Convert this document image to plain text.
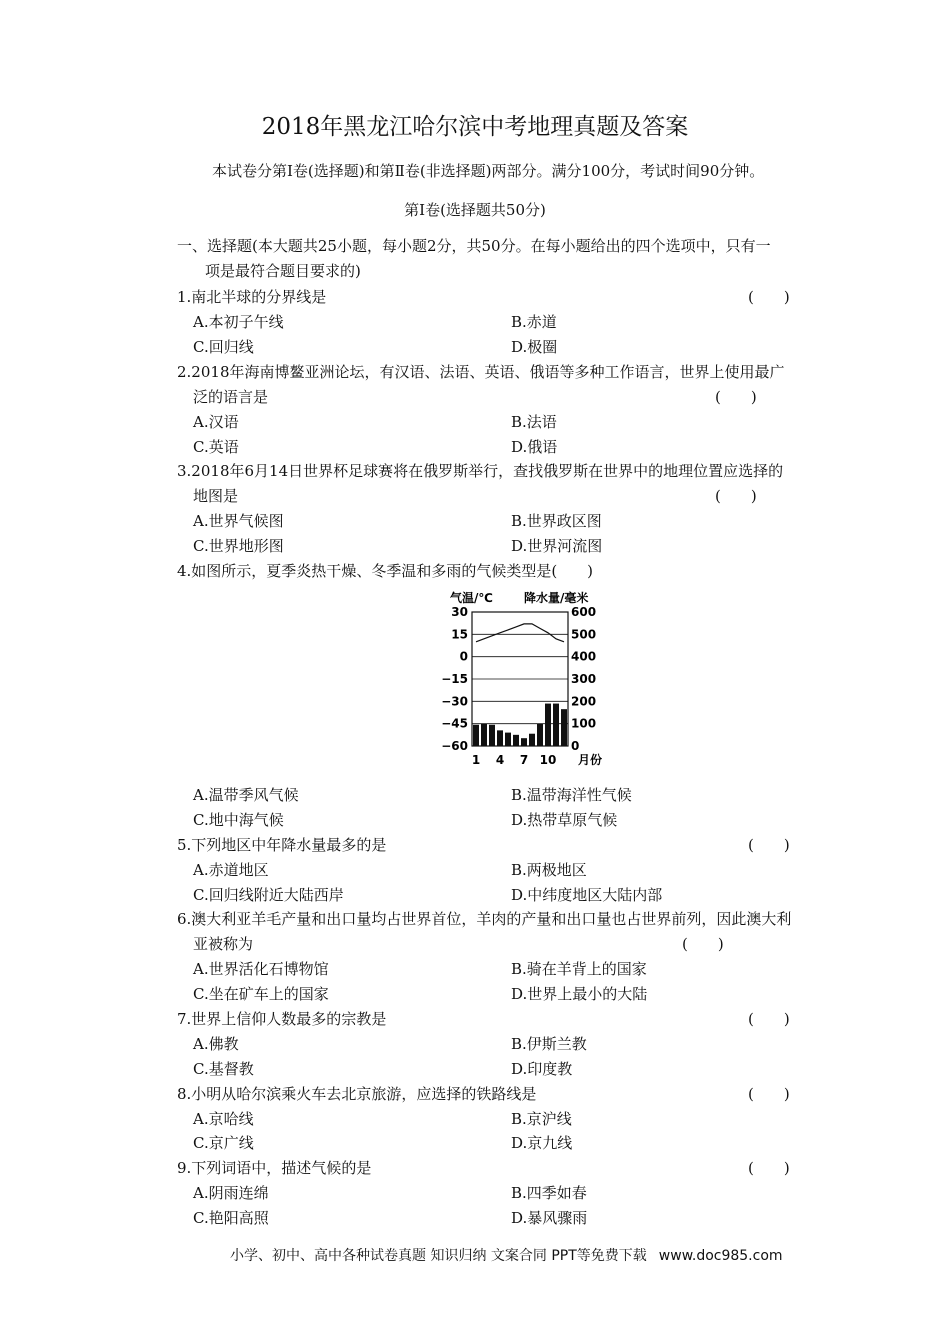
2018年黑龙江哈尔滨中考地理真题及答案
本试卷分第Ⅰ卷(选择题)和第Ⅱ卷(非选择题)两部分。满分100分，考试时间90分钟。
第Ⅰ卷(选择题共50分)
一、选择题(本大题共25小题，每小题2分，共50分。在每小题给出的四个选项中，只有一
项是最符合题目要求的)
1.南北半球的分界线是	(　　)
A.本初子午线	B.赤道
C.回归线	D.极圈
2.2018年海南博鳌亚洲论坛，有汉语、法语、英语、俄语等多种工作语言，世界上使用最广
泛的语言是	(　　)
A.汉语	B.法语
C.英语	D.俄语
3.2018年6月14日世界杯足球赛将在俄罗斯举行，查找俄罗斯在世界中的地理位置应选择的
地图是	(　　)
A.世界气候图	B.世界政区图
C.世界地形图	D.世界河流图
4.如图所示，夏季炎热干燥、冬季温和多雨的气候类型是(　　)
气温/℃	降水量/毫米
30
15
0
−15
−30
−45
−60
600
500
400
300
200
100
0
1 4 7 10 月份
A.温带季风气候	B.温带海洋性气候
C.地中海气候	D.热带草原气候
5.下列地区中年降水量最多的是	(　　)
A.赤道地区	B.两极地区
C.回归线附近大陆西岸	D.中纬度地区大陆内部
6.澳大利亚羊毛产量和出口量均占世界首位，羊肉的产量和出口量也占世界前列，因此澳大利
亚被称为	(　　)
A.世界活化石博物馆	B.骑在羊背上的国家
C.坐在矿车上的国家	D.世界上最小的大陆
7.世界上信仰人数最多的宗教是	(　　)
A.佛教	B.伊斯兰教
C.基督教	D.印度教
8.小明从哈尔滨乘火车去北京旅游，应选择的铁路线是	(　　)
A.京哈线	B.京沪线
C.京广线	D.京九线
9.下列词语中，描述气候的是	(　　)
A.阴雨连绵	B.四季如春
C.艳阳高照	D.暴风骤雨
小学、初中、高中各种试卷真题 知识归纳 文案合同 PPT等免费下载 www.doc985.com
